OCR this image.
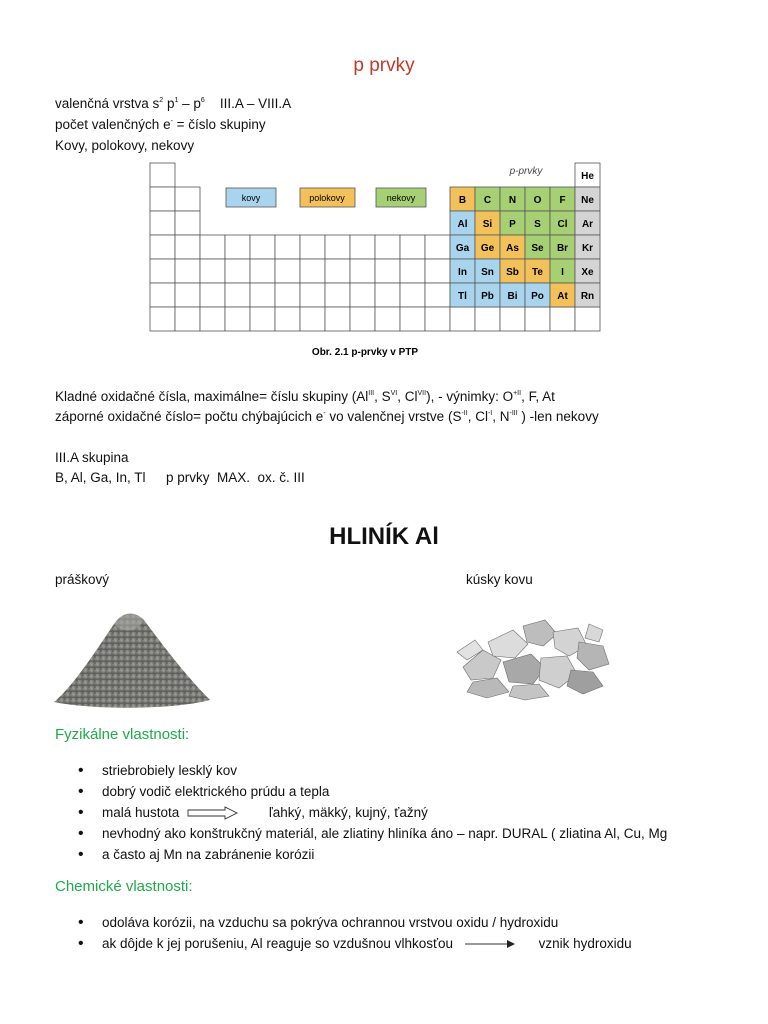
p prvky
valenčná vrstva $s^2$ $p^1 - p^6$    III.A – VIII.A
počet valenčných e- = číslo skupiny
Kovy, polokovy, nekovy
He
B C N O F Ne
Al Si P S Cl Ar
Ga Ge As Se Br Kr
In Sn Sb Te I Xe
Tl Pb Bi Po At Rn
kovy	polokovy	nekovy
p-prvky
Obr. 2.1 p-prvky v PTP
Kladné oxidačné čísla, maximálne= číslu skupiny ($Al^{III}$, $S^{VI}$, $Cl^{VII}$), - výnimky: $O^{+II}$, F, At
záporné oxidačné číslo= počtu chýbajúcich e- vo valenčnej vrstve ($S^{-II}$, $Cl^{-I}$, $N^{-III}$ ) -len nekovy
III.A skupina
B, Al, Ga, In, Tl p prvky  MAX.  ox. č. III
HLINÍK Al
práškový	kúsky kovu
Fyzikálne vlastnosti:
• striebrobiely lesklý kov
• dobrý vodič elektrického prúdu a tepla
• malá hustota	ľahký, mäkký, kujný, ťažný
• nevhodný ako konštrukčný materiál, ale zliatiny hliníka áno – napr. DURAL ( zliatina Al, Cu, Mg
• a často aj Mn na zabránenie korózii
Chemické vlastnosti:
• odoláva korózii, na vzduchu sa pokrýva ochrannou vrstvou oxidu / hydroxidu
• ak dôjde k jej porušeniu, Al reaguje so vzdušnou vlhkosťou	vznik hydroxidu
